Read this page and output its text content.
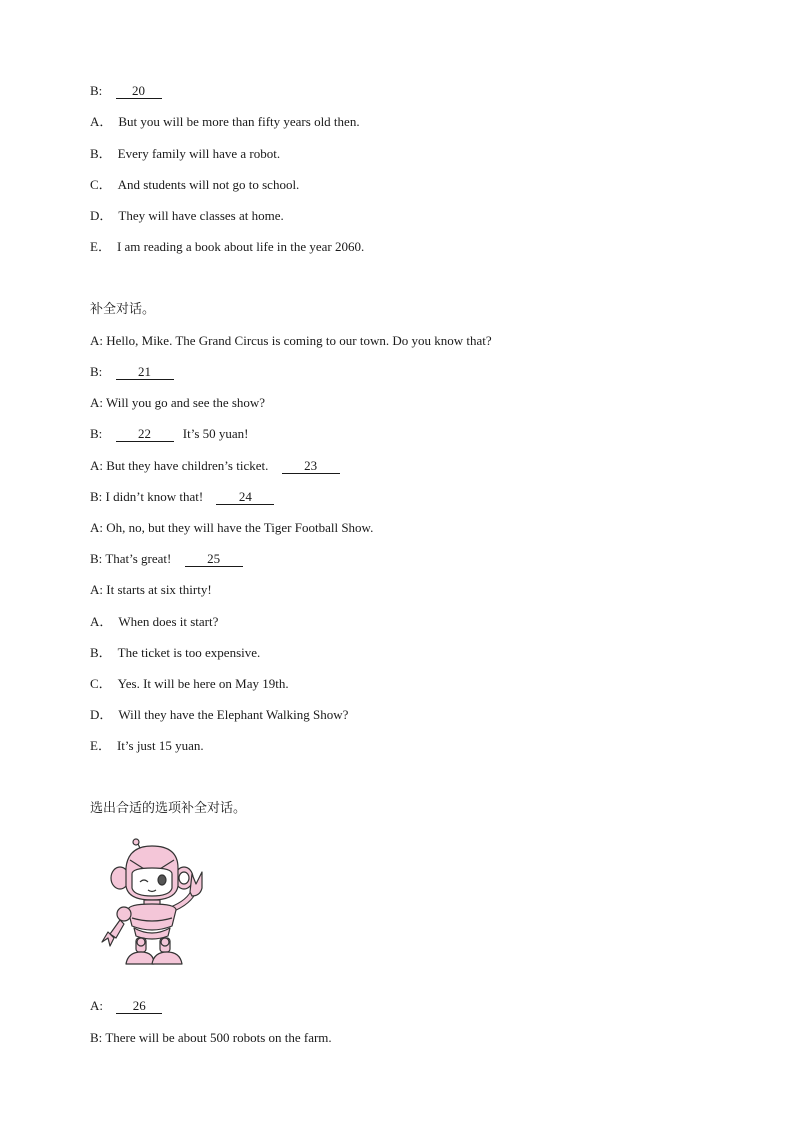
B: 20
A． But you will be more than fifty years old then.
B． Every family will have a robot.
C． And students will not go to school.
D． They will have classes at home.
E． I am reading a book about life in the year 2060.
补全对话。
A: Hello, Mike. The Grand Circus is coming to our town. Do you know that?
B:	21
A: Will you go and see the show?
B:	22 It’s 50 yuan!
A: But they have children’s ticket.	23
B: I didn’t know that!	24
A: Oh, no, but they will have the Tiger Football Show.
B: That’s great!	25
A: It starts at six thirty!
A． When does it start?
B． The ticket is too expensive.
C． Yes. It will be here on May 19th.
D． Will they have the Elephant Walking Show?
E． It’s just 15 yuan.
选出合适的选项补全对话。
A: 26
B: There will be about 500 robots on the farm.
